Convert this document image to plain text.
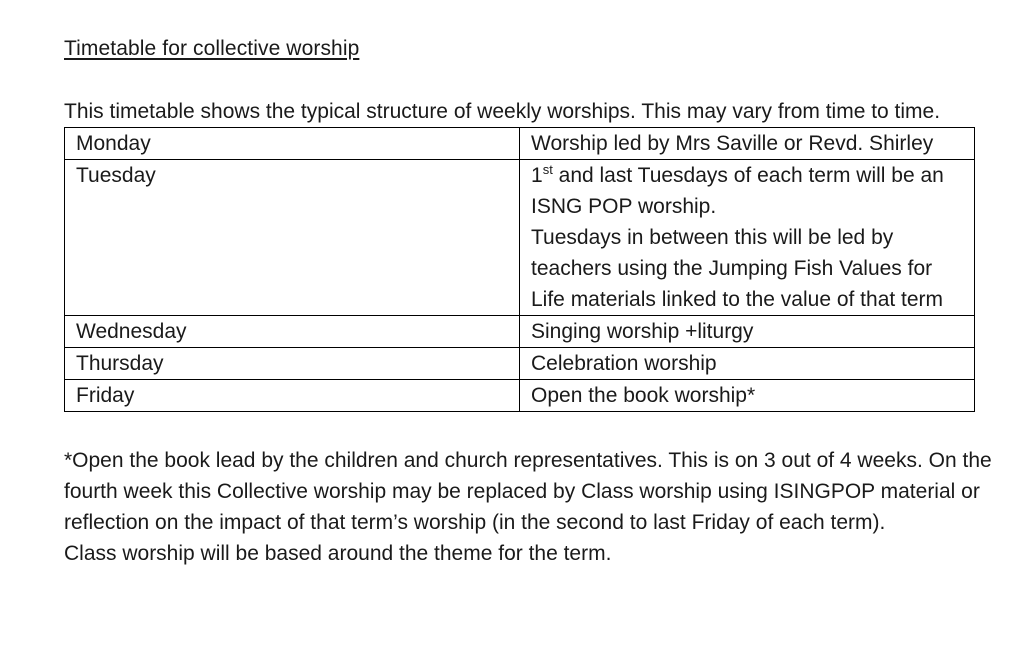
Timetable for collective worship

This timetable shows the typical structure of weekly worships. This may vary from time to time.

Monday	Worship led by Mrs Saville or Revd. Shirley
Tuesday	1st and last Tuesdays of each term will be an ISNG POP worship.
Tuesdays in between this will be led by teachers using the Jumping Fish Values for Life materials linked to the value of that term

Wednesday	Singing worship +liturgy
Thursday	Celebration worship
Friday	Open the book worship*

*Open the book lead by the children and church representatives. This is on 3 out of 4 weeks. On the fourth week this Collective worship may be replaced by Class worship using ISINGPOP material or reflection on the impact of that term’s worship (in the second to last Friday of each term).

Class worship will be based around the theme for the term.
